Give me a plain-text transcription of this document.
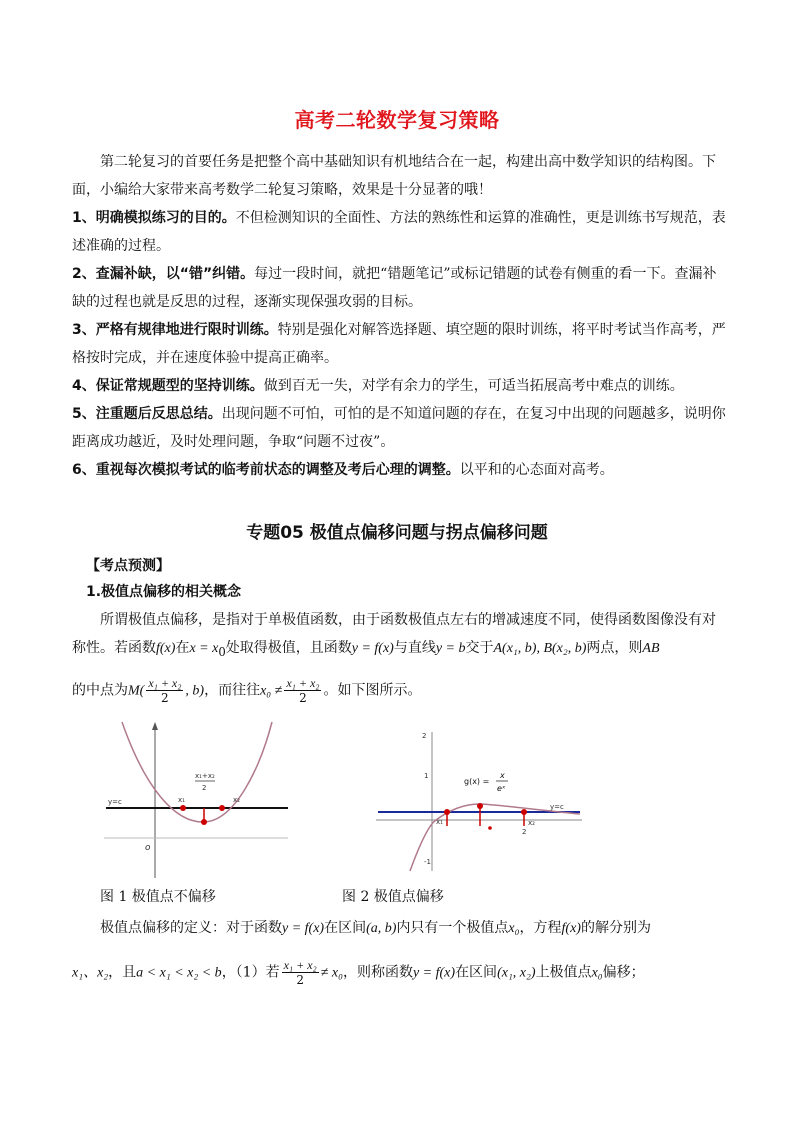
高考二轮数学复习策略
第二轮复习的首要任务是把整个高中基础知识有机地结合在一起，构建出高中数学知识的结构图。下面，小编给大家带来高考数学二轮复习策略，效果是十分显著的哦！
1、明确模拟练习的目的。不但检测知识的全面性、方法的熟练性和运算的准确性，更是训练书写规范，表述准确的过程。
2、查漏补缺，以“错”纠错。每过一段时间，就把“错题笔记”或标记错题的试卷有侧重的看一下。查漏补缺的过程也就是反思的过程，逐渐实现保强攻弱的目标。
3、严格有规律地进行限时训练。特别是强化对解答选择题、填空题的限时训练，将平时考试当作高考，严格按时完成，并在速度体验中提高正确率。
4、保证常规题型的坚持训练。做到百无一失，对学有余力的学生，可适当拓展高考中难点的训练。
5、注重题后反思总结。出现问题不可怕，可怕的是不知道问题的存在，在复习中出现的问题越多，说明你距离成功越近，及时处理问题，争取“问题不过夜”。
6、重视每次模拟考试的临考前状态的调整及考后心理的调整。以平和的心态面对高考。
专题05 极值点偏移问题与拐点偏移问题
【考点预测】
1.极值点偏移的相关概念
所谓极值点偏移，是指对于单极值函数，由于函数极值点左右的增减速度不同，使得函数图像没有对称性。若函数f(x)在$x = x_0$处取得极值，且函数y = f(x)与直线y = b交于A(x₁, b), B(x₂, b)两点，则AB
的中点为$M( \frac{\text{x₁ + x₂}}{2}$ , b)，而往往$x_0 \ne \frac{\text{x₁ + x₂}}{2}$ 。如下图所示。
y=c	x₁	x₂
x₁+x₂
2
o
2
1
-1
g(x) =
x
eˣ
y=c
x₁	x₂
2
图 1 极值点不偏移	图 2 极值点偏移
极值点偏移的定义：对于函数y = f(x)在区间(a, b)内只有一个极值点x₀，方程f(x)的解分别为
x₁、x₂，且a < x₁ < x₂ < b，（1）若 $\frac{\text{x₁ + x₂}}{2} \ne x_0$，则称函数y = f(x)在区间(x₁, x₂)上极值点x₀偏移；
